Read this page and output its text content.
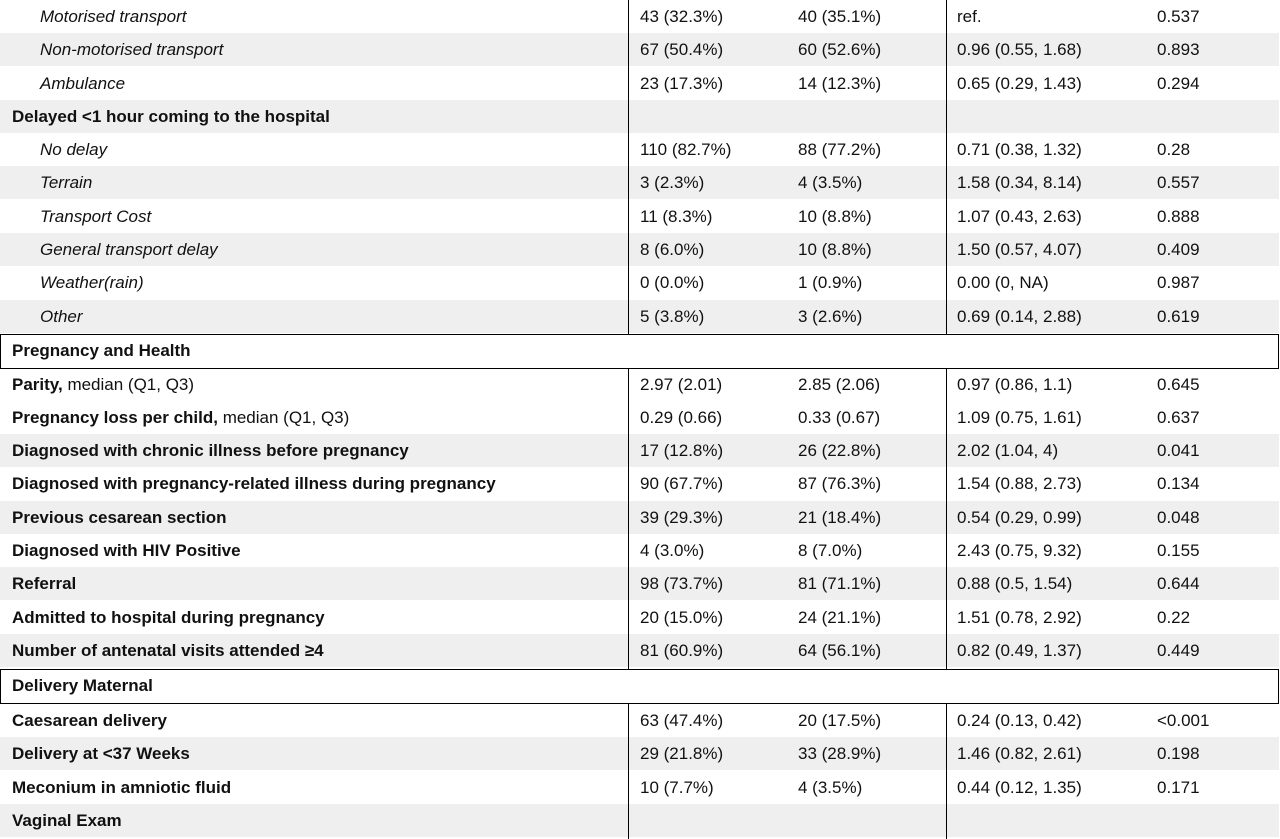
Motorised transport	43 (32.3%)	40 (35.1%)	ref.	0.537
Non-motorised transport	67 (50.4%)	60 (52.6%)	0.96 (0.55, 1.68)	0.893
Ambulance	23 (17.3%)	14 (12.3%)	0.65 (0.29, 1.43)	0.294
Delayed <1 hour coming to the hospital
No delay	110 (82.7%)	88 (77.2%)	0.71 (0.38, 1.32)	0.28
Terrain	3 (2.3%)	4 (3.5%)	1.58 (0.34, 8.14)	0.557
Transport Cost	11 (8.3%)	10 (8.8%)	1.07 (0.43, 2.63)	0.888
General transport delay	8 (6.0%)	10 (8.8%)	1.50 (0.57, 4.07)	0.409
Weather(rain)	0 (0.0%)	1 (0.9%)	0.00 (0, NA)	0.987
Other	5 (3.8%)	3 (2.6%)	0.69 (0.14, 2.88)	0.619
Pregnancy and Health
Parity, median (Q1, Q3)	2.97 (2.01)	2.85 (2.06)	0.97 (0.86, 1.1)	0.645
Pregnancy loss per child, median (Q1, Q3)	0.29 (0.66)	0.33 (0.67)	1.09 (0.75, 1.61)	0.637
Diagnosed with chronic illness before pregnancy	17 (12.8%)	26 (22.8%)	2.02 (1.04, 4)	0.041
Diagnosed with pregnancy-related illness during pregnancy	90 (67.7%)	87 (76.3%)	1.54 (0.88, 2.73)	0.134
Previous cesarean section	39 (29.3%)	21 (18.4%)	0.54 (0.29, 0.99)	0.048
Diagnosed with HIV Positive	4 (3.0%)	8 (7.0%)	2.43 (0.75, 9.32)	0.155
Referral	98 (73.7%)	81 (71.1%)	0.88 (0.5, 1.54)	0.644
Admitted to hospital during pregnancy	20 (15.0%)	24 (21.1%)	1.51 (0.78, 2.92)	0.22
Number of antenatal visits attended ≥4	81 (60.9%)	64 (56.1%)	0.82 (0.49, 1.37)	0.449
Delivery Maternal
Caesarean delivery	63 (47.4%)	20 (17.5%)	0.24 (0.13, 0.42)	<0.001
Delivery at <37 Weeks	29 (21.8%)	33 (28.9%)	1.46 (0.82, 2.61)	0.198
Meconium in amniotic fluid	10 (7.7%)	4 (3.5%)	0.44 (0.12, 1.35)	0.171
Vaginal Exam
